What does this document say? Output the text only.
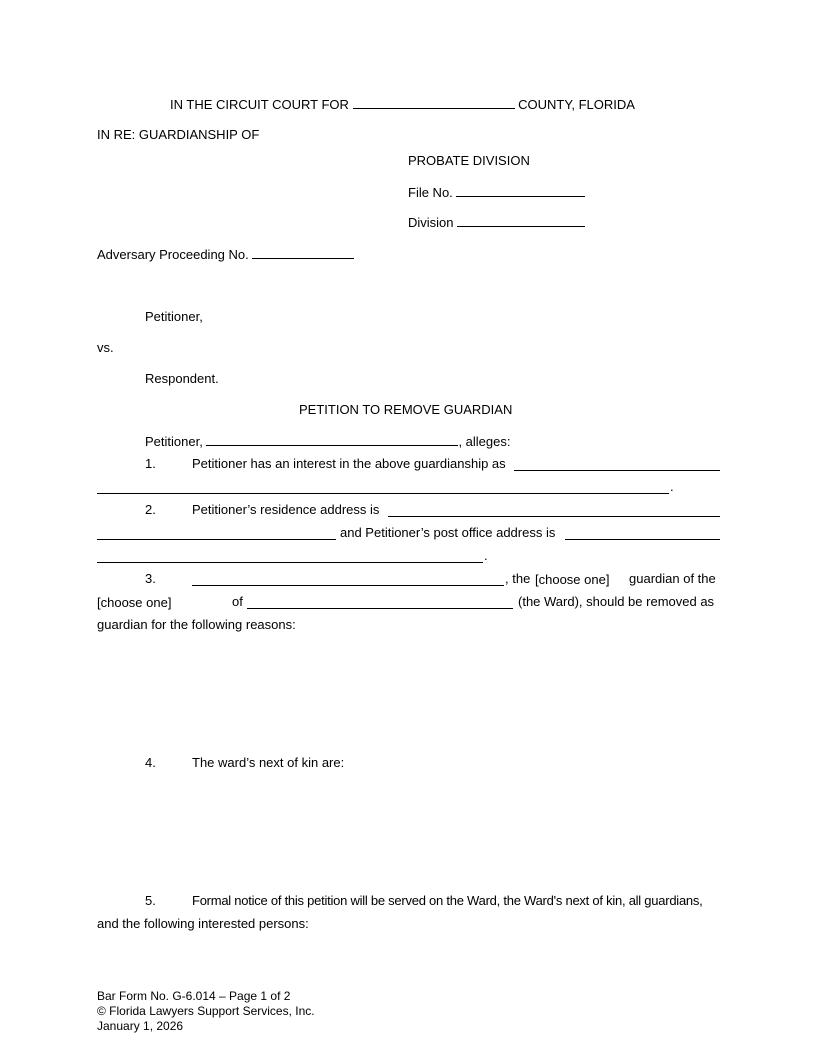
IN THE CIRCUIT COURT FOR	COUNTY, FLORIDA
IN RE: GUARDIANSHIP OF
PROBATE DIVISION
File No.
Division
Adversary Proceeding No.
Petitioner,
vs.
Respondent.
PETITION TO REMOVE GUARDIAN
Petitioner,	, alleges:
1.	Petitioner has an interest in the above guardianship as
.
2.	Petitioner’s residence address is
and Petitioner’s post office address is
.
3.	, the [choose one] guardian of the
[choose one]	of	(the Ward), should be removed as
guardian for the following reasons:
4.	The ward’s next of kin are:
5.	Formal notice of this petition will be served on the Ward, the Ward's next of kin, all guardians,
and the following interested persons:
Bar Form No. G-6.014 – Page 1 of 2
© Florida Lawyers Support Services, Inc.
January 1, 2026
